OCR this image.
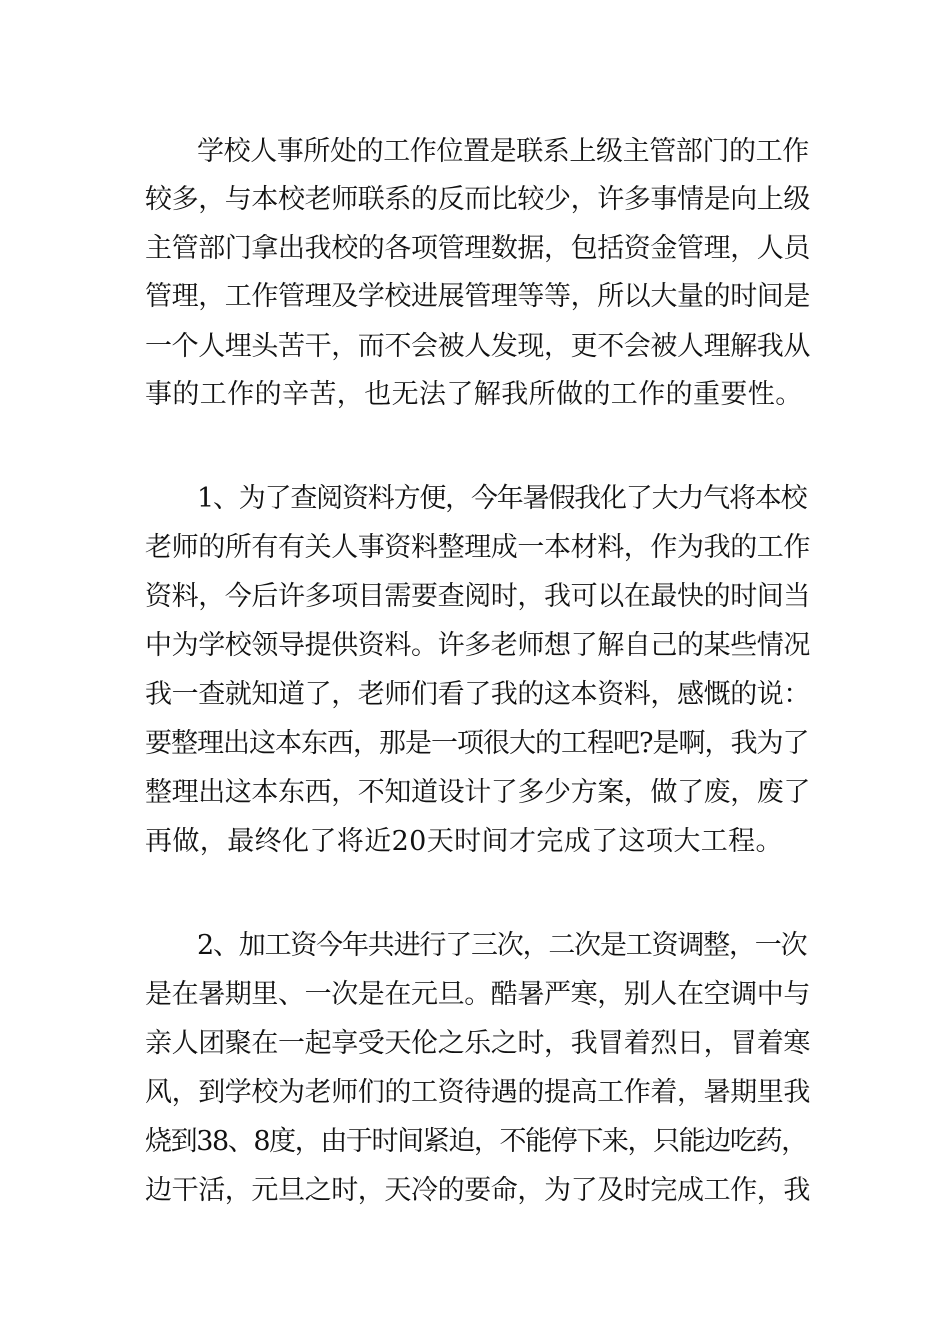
学校人事所处的工作位置是联系上级主管部门的工作
较多，与本校老师联系的反而比较少，许多事情是向上级
主管部门拿出我校的各项管理数据，包括资金管理，人员
管理，工作管理及学校进展管理等等，所以大量的时间是
一个人埋头苦干，而不会被人发现，更不会被人理解我从
事的工作的辛苦，也无法了解我所做的工作的重要性。
1、为了查阅资料方便，今年暑假我化了大力气将本校
老师的所有有关人事资料整理成一本材料，作为我的工作
资料，今后许多项目需要查阅时，我可以在最快的时间当
中为学校领导提供资料。许多老师想了解自己的某些情况
我一查就知道了，老师们看了我的这本资料，感慨的说：
要整理出这本东西，那是一项很大的工程吧?是啊，我为了
整理出这本东西，不知道设计了多少方案，做了废，废了
再做，最终化了将近20天时间才完成了这项大工程。
2、加工资今年共进行了三次，二次是工资调整，一次
是在暑期里、一次是在元旦。酷暑严寒，别人在空调中与
亲人团聚在一起享受天伦之乐之时，我冒着烈日，冒着寒
风，到学校为老师们的工资待遇的提高工作着，暑期里我
烧到38、8度，由于时间紧迫，不能停下来，只能边吃药，
边干活，元旦之时，天冷的要命，为了及时完成工作，我
